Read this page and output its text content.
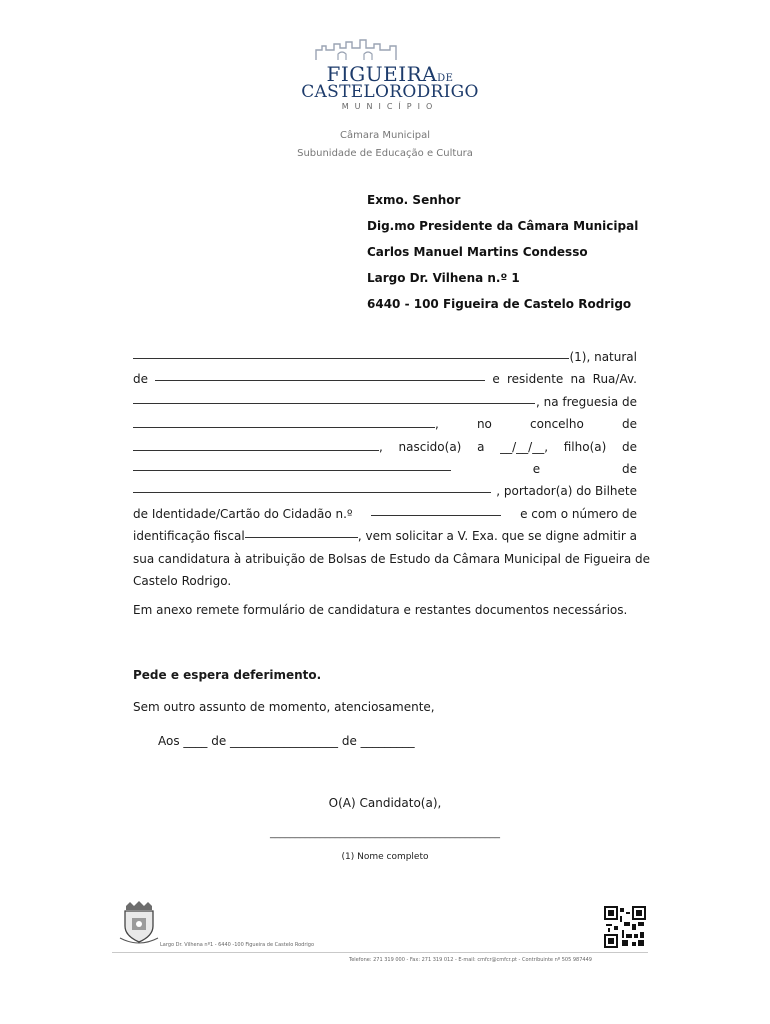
FIGUEIRADE
CASTELORODRIGO
MUNICÍPIO
Câmara Municipal
Subunidade de Educação e Cultura
Exmo. Senhor
Dig.mo Presidente da Câmara Municipal
Carlos Manuel Martins Condesso
Largo Dr. Vilhena n.º 1
6440 - 100 Figueira de Castelo Rodrigo
(1), natural
de	e residente na Rua/Av.
, na freguesia de
,	no	concelho	de
, nascido(a) a __/__/__, filho(a) de
e	de
, portador(a) do Bilhete
de Identidade/Cartão do Cidadão n.º	e com o número de
identificação fiscal	, vem solicitar a V. Exa. que se digne admitir a
sua candidatura à atribuição de Bolsas de Estudo da Câmara Municipal de Figueira de
Castelo Rodrigo.
Em anexo remete formulário de candidatura e restantes documentos necessários.
Pede e espera deferimento.
Sem outro assunto de momento, atenciosamente,
Aos ____ de __________________ de _________
O(A) Candidato(a),
______________________________________________
(1) Nome completo
Largo Dr. Vilhena nº1 - 6440 -100 Figueira de Castelo Rodrigo
Telefone: 271 319 000 - Fax: 271 319 012 - E-mail: cmfcr@cmfcr.pt - Contribuinte nº 505 987449
